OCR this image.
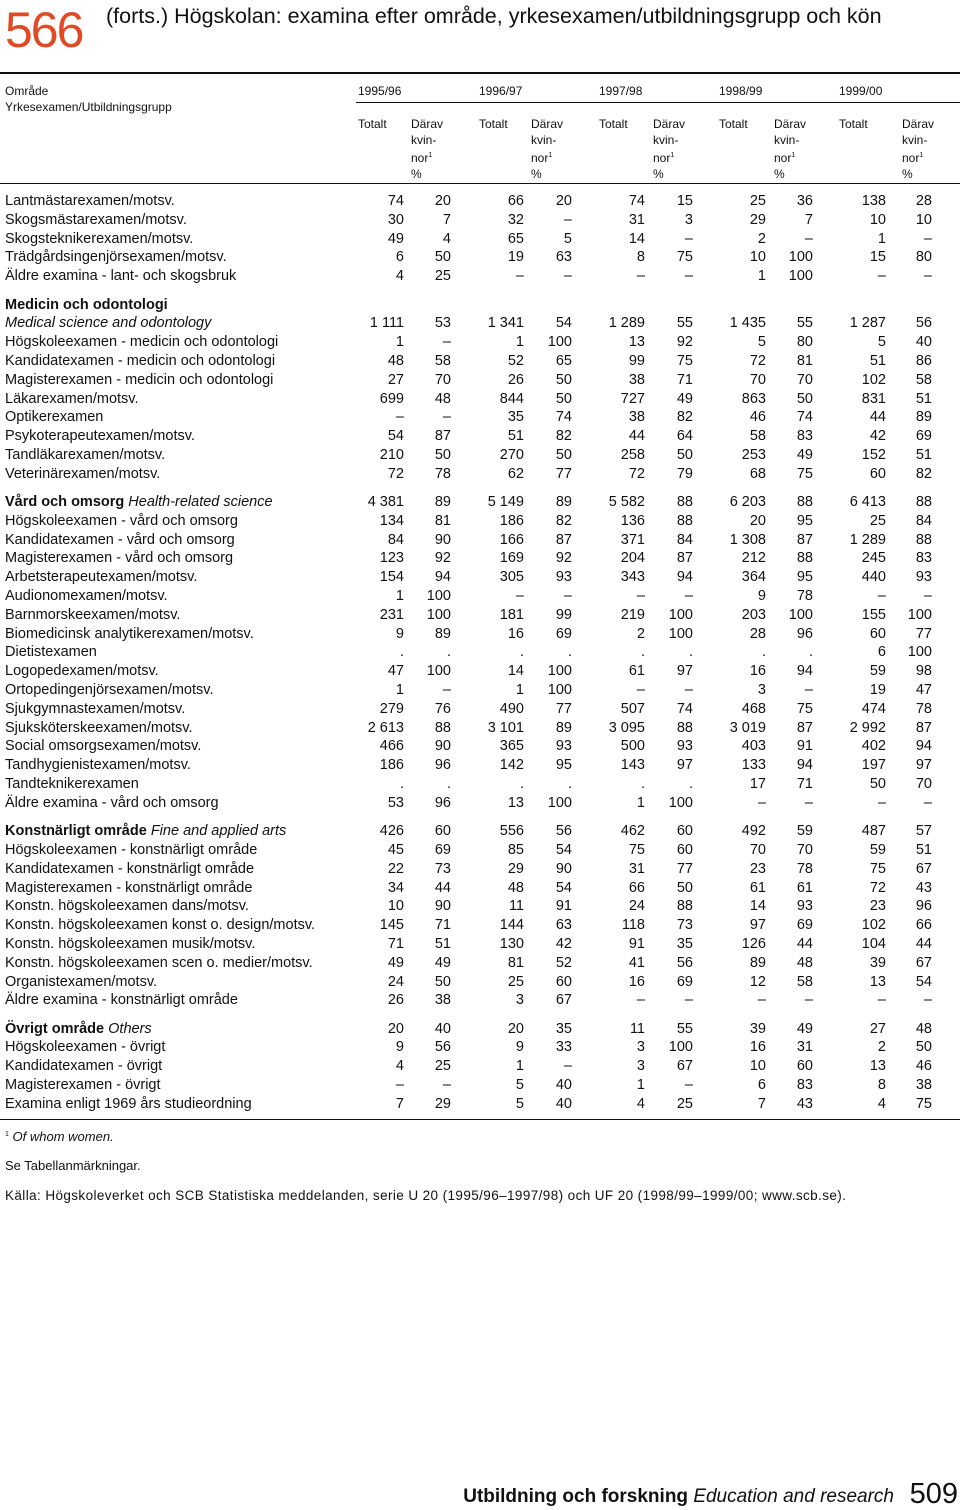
566 (forts.) Högskolan: examina efter område, yrkesexamen/utbildningsgrupp och kön
Område
Yrkesexamen/Utbildningsgrupp
1995/96
Totalt Därav
kvin-
nor$^1$
%
1996/97
Totalt Därav
kvin-
nor$^1$
%
1997/98
Totalt Därav
kvin-
nor$^1$
%
1998/99
Totalt Därav
kvin-
nor$^1$
%
1999/00
Totalt	Därav
kvin-
nor$^1$
%
Lantmästarexamen/motsv.	74 20	66 20	74 15	25 36	138 28
Skogsmästarexamen/motsv.	30	7	32	–	31	3	29	7	10 10
Skogsteknikerexamen/motsv.	49	4	65	5	14	–	2	–	1	–
Trädgårdsingenjörsexamen/motsv.	6 50	19 63	8 75	10 100	15 80
Äldre examina - lant- och skogsbruk	4 25	–	–	–	–	1 100	–	–
Medicin och odontologi
Medical science and odontology	1 111 53	1 341 54	1 289 55	1 435 55	1 287 56
Högskoleexamen - medicin och odontologi	1	–	1 100	13 92	5 80	5 40
Kandidatexamen - medicin och odontologi	48 58	52 65	99 75	72 81	51 86
Magisterexamen - medicin och odontologi	27 70	26 50	38 71	70 70	102 58
Läkarexamen/motsv.	699 48	844 50	727 49	863 50	831 51
Optikerexamen	–	–	35 74	38 82	46 74	44 89
Psykoterapeutexamen/motsv.	54 87	51 82	44 64	58 83	42 69
Tandläkarexamen/motsv.	210 50	270 50	258 50	253 49	152 51
Veterinärexamen/motsv.	72 78	62 77	72 79	68 75	60 82
Vård och omsorg Health-related science	4 381 89	5 149 89	5 582 88	6 203 88	6 413 88
Högskoleexamen - vård och omsorg	134 81	186 82	136 88	20 95	25 84
Kandidatexamen - vård och omsorg	84 90	166 87	371 84	1 308 87	1 289 88
Magisterexamen - vård och omsorg	123 92	169 92	204 87	212 88	245 83
Arbetsterapeutexamen/motsv.	154 94	305 93	343 94	364 95	440 93
Audionomexamen/motsv.	1 100	–	–	–	–	9 78	–	–
Barnmorskeexamen/motsv.	231 100	181 99	219 100	203 100	155 100
Biomedicinsk analytikerexamen/motsv.	9 89	16 69	2 100	28 96	60 77
Dietistexamen	.	.	.	.	.	.	.	.	6 100
Logopedexamen/motsv.	47 100	14 100	61 97	16 94	59 98
Ortopedingenjörsexamen/motsv.	1	–	1 100	–	–	3	–	19 47
Sjukgymnastexamen/motsv.	279 76	490 77	507 74	468 75	474 78
Sjuksköterskeexamen/motsv.	2 613 88	3 101 89	3 095 88	3 019 87	2 992 87
Social omsorgsexamen/motsv.	466 90	365 93	500 93	403 91	402 94
Tandhygienistexamen/motsv.	186 96	142 95	143 97	133 94	197 97
Tandteknikerexamen	.	.	.	.	.	.	17 71	50 70
Äldre examina - vård och omsorg	53 96	13 100	1 100	–	–	–	–
Konstnärligt område Fine and applied arts	426 60	556 56	462 60	492 59	487 57
Högskoleexamen - konstnärligt område	45 69	85 54	75 60	70 70	59 51
Kandidatexamen - konstnärligt område	22 73	29 90	31 77	23 78	75 67
Magisterexamen - konstnärligt område	34 44	48 54	66 50	61 61	72 43
Konstn. högskoleexamen dans/motsv.	10 90	11 91	24 88	14 93	23 96
Konstn. högskoleexamen konst o. design/motsv.	145 71	144 63	118 73	97 69	102 66
Konstn. högskoleexamen musik/motsv.	71 51	130 42	91 35	126 44	104 44
Konstn. högskoleexamen scen o. medier/motsv.	49 49	81 52	41 56	89 48	39 67
Organistexamen/motsv.	24 50	25 60	16 69	12 58	13 54
Äldre examina - konstnärligt område	26 38	3 67	–	–	–	–	–	–
Övrigt område Others	20 40	20 35	11 55	39 49	27 48
Högskoleexamen - övrigt	9 56	9 33	3 100	16 31	2 50
Kandidatexamen - övrigt	4 25	1	–	3 67	10 60	13 46
Magisterexamen - övrigt	–	–	5 40	1	–	6 83	8 38
Examina enligt 1969 års studieordning	7 29	5 40	4 25	7 43	4 75
$^1$ Of whom women.
Se Tabellanmärkningar.
Källa: Högskoleverket och SCB Statistiska meddelanden, serie U 20 (1995/96–1997/98) och UF 20 (1998/99–1999/00; www.scb.se).
Utbildning och forskning Education and research 509
